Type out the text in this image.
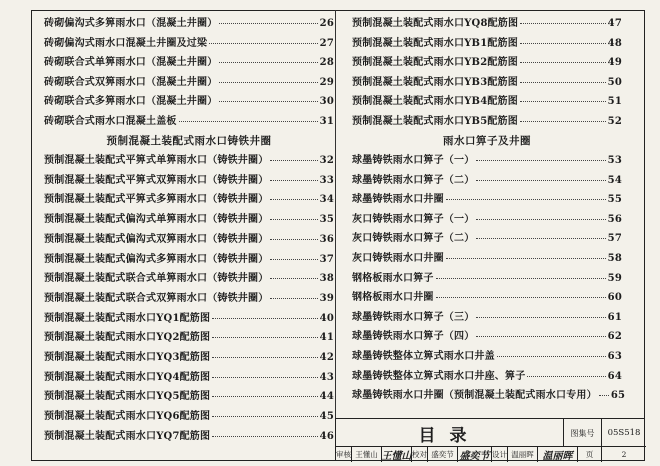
砖砌偏沟式多箅雨水口（混凝土井圈）	26
砖砌偏沟式雨水口混凝土井圈及过梁	27
砖砌联合式单箅雨水口（混凝土井圈）	28
砖砌联合式双箅雨水口（混凝土井圈）	29
砖砌联合式多箅雨水口（混凝土井圈）	30
砖砌联合式雨水口混凝土盖板	31
预制混凝土装配式雨水口铸铁井圈
预制混凝土装配式平箅式单箅雨水口（铸铁井圈）	32
预制混凝土装配式平箅式双箅雨水口（铸铁井圈）	33
预制混凝土装配式平箅式多箅雨水口（铸铁井圈）	34
预制混凝土装配式偏沟式单箅雨水口（铸铁井圈）	35
预制混凝土装配式偏沟式双箅雨水口（铸铁井圈）	36
预制混凝土装配式偏沟式多箅雨水口（铸铁井圈）	37
预制混凝土装配式联合式单箅雨水口（铸铁井圈）	38
预制混凝土装配式联合式双箅雨水口（铸铁井圈）	39
预制混凝土装配式雨水口YQ1配筋图	40
预制混凝土装配式雨水口YQ2配筋图	41
预制混凝土装配式雨水口YQ3配筋图	42
预制混凝土装配式雨水口YQ4配筋图	43
预制混凝土装配式雨水口YQ5配筋图	44
预制混凝土装配式雨水口YQ6配筋图	45
预制混凝土装配式雨水口YQ7配筋图	46
预制混凝土装配式雨水口YQ8配筋图	47
预制混凝土装配式雨水口YB1配筋图	48
预制混凝土装配式雨水口YB2配筋图	49
预制混凝土装配式雨水口YB3配筋图	50
预制混凝土装配式雨水口YB4配筋图	51
预制混凝土装配式雨水口YB5配筋图	52
雨水口箅子及井圈
球墨铸铁雨水口箅子（一）	53
球墨铸铁雨水口箅子（二）	54
球墨铸铁雨水口井圈	55
灰口铸铁雨水口箅子（一）	56
灰口铸铁雨水口箅子（二）	57
灰口铸铁雨水口井圈	58
钢格板雨水口箅子	59
钢格板雨水口井圈	60
球墨铸铁雨水口箅子（三）	61
球墨铸铁雨水口箅子（四）	62
球墨铸铁整体立箅式雨水口井盖	63
球墨铸铁整体立箅式雨水口井座、箅子	64
球墨铸铁雨水口井圈（预制混凝土装配式雨水口专用） 65
目录	图集号	05S518
审核 王懂山 王懂山 校对 盛奕节 盛奕节 设计 温丽晖 温丽晖	页	2
